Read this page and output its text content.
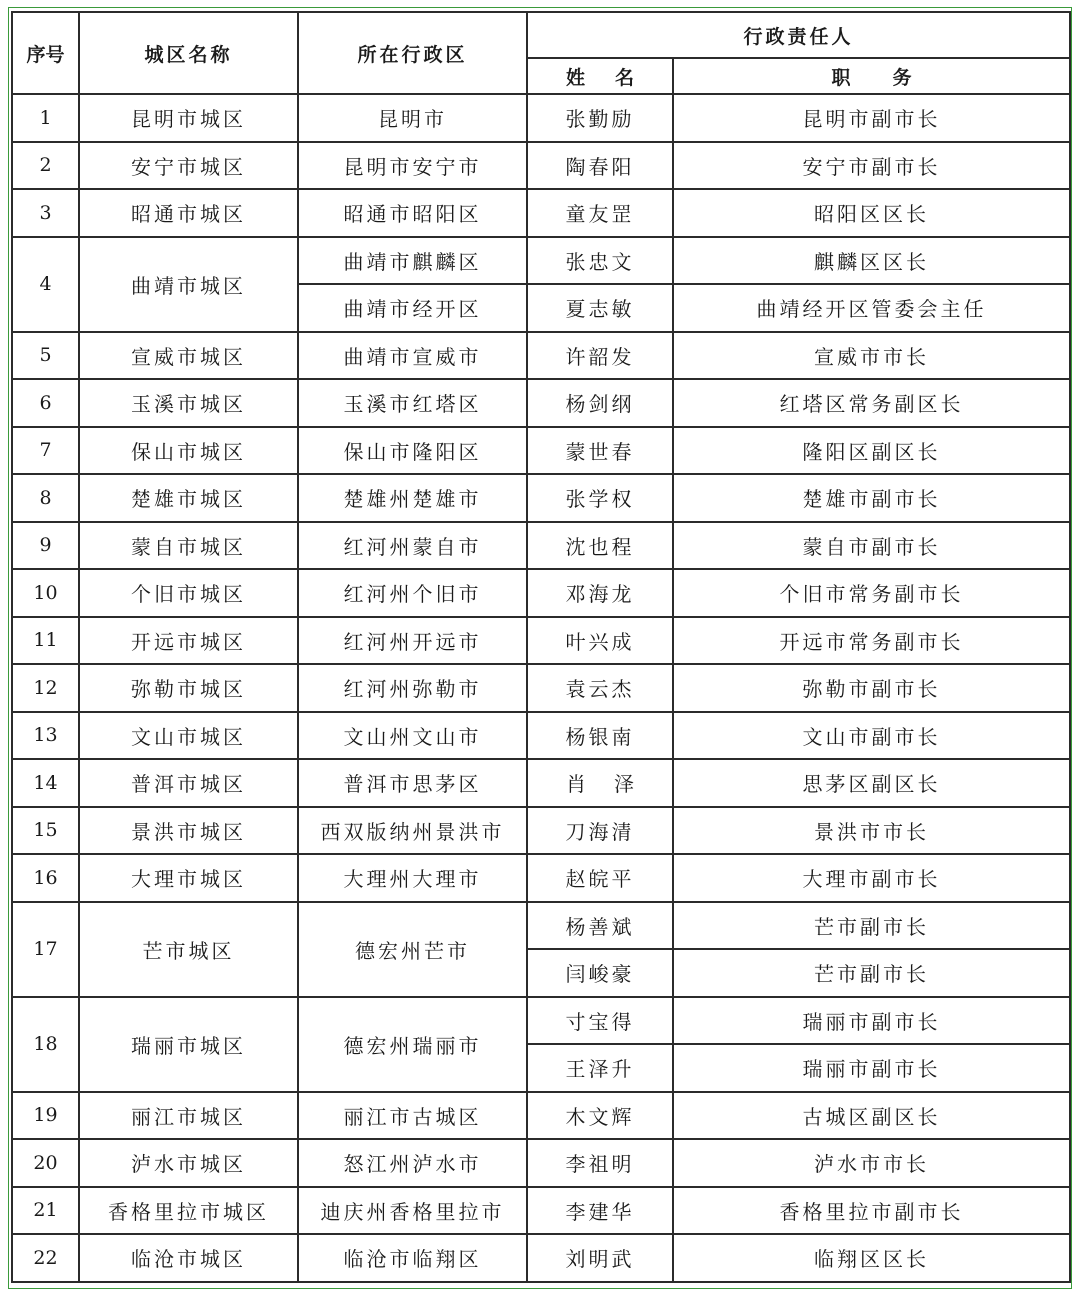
序号	城区名称	所在行政区	行政责任人	
			姓名	职务
1	昆明市城区	昆明市	张勤励	昆明市副市长
2	安宁市城区	昆明市安宁市	陶春阳	安宁市副市长
3	昭通市城区	昭通市昭阳区	童友罡	昭阳区区长
4	曲靖市城区	曲靖市麒麟区	张忠文	麒麟区区长
		曲靖市经开区	夏志敏	曲靖经开区管委会主任
5	宣威市城区	曲靖市宣威市	许韶发	宣威市市长
6	玉溪市城区	玉溪市红塔区	杨剑纲	红塔区常务副区长
7	保山市城区	保山市隆阳区	蒙世春	隆阳区副区长
8	楚雄市城区	楚雄州楚雄市	张学权	楚雄市副市长
9	蒙自市城区	红河州蒙自市	沈也程	蒙自市副市长
10	个旧市城区	红河州个旧市	邓海龙	个旧市常务副市长
11	开远市城区	红河州开远市	叶兴成	开远市常务副市长
12	弥勒市城区	红河州弥勒市	袁云杰	弥勒市副市长
13	文山市城区	文山州文山市	杨银南	文山市副市长
14	普洱市城区	普洱市思茅区	肖泽	思茅区副区长
15	景洪市城区	西双版纳州景洪市	刀海清	景洪市市长
16	大理市城区	大理州大理市	赵皖平	大理市副市长
17	芒市城区	德宏州芒市	杨善斌	芒市副市长
			闫峻豪	芒市副市长
18	瑞丽市城区	德宏州瑞丽市	寸宝得	瑞丽市副市长
			王泽升	瑞丽市副市长
19	丽江市城区	丽江市古城区	木文辉	古城区副区长
20	泸水市城区	怒江州泸水市	李祖明	泸水市市长
21	香格里拉市城区	迪庆州香格里拉市	李建华	香格里拉市副市长
22	临沧市城区	临沧市临翔区	刘明武	临翔区区长
